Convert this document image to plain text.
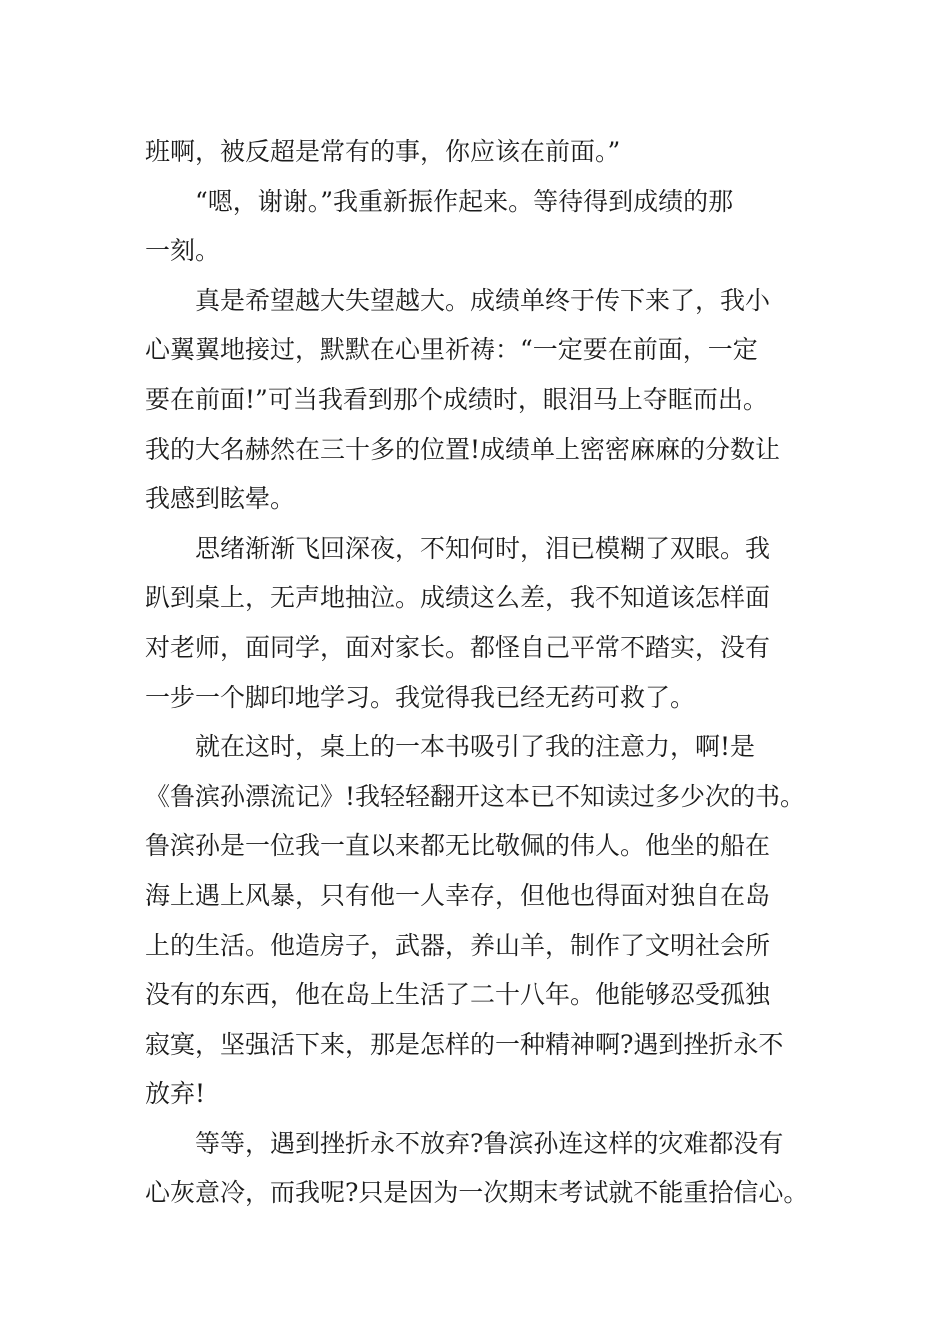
班啊，被反超是常有的事，你应该在前面。”
　　“嗯，谢谢。”我重新振作起来。等待得到成绩的那
一刻。
　　真是希望越大失望越大。成绩单终于传下来了，我小
心翼翼地接过，默默在心里祈祷：“一定要在前面，一定
要在前面!”可当我看到那个成绩时，眼泪马上夺眶而出。
我的大名赫然在三十多的位置!成绩单上密密麻麻的分数让
我感到眩晕。
　　思绪渐渐飞回深夜，不知何时，泪已模糊了双眼。我
趴到桌上，无声地抽泣。成绩这么差，我不知道该怎样面
对老师，面同学，面对家长。都怪自己平常不踏实，没有
一步一个脚印地学习。我觉得我已经无药可救了。
　　就在这时，桌上的一本书吸引了我的注意力，啊!是
《鲁滨孙漂流记》!我轻轻翻开这本已不知读过多少次的书。
鲁滨孙是一位我一直以来都无比敬佩的伟人。他坐的船在
海上遇上风暴，只有他一人幸存，但他也得面对独自在岛
上的生活。他造房子，武器，养山羊，制作了文明社会所
没有的东西，他在岛上生活了二十八年。他能够忍受孤独
寂寞，坚强活下来，那是怎样的一种精神啊?遇到挫折永不
放弃!
　　等等，遇到挫折永不放弃?鲁滨孙连这样的灾难都没有
心灰意冷，而我呢?只是因为一次期末考试就不能重拾信心。
